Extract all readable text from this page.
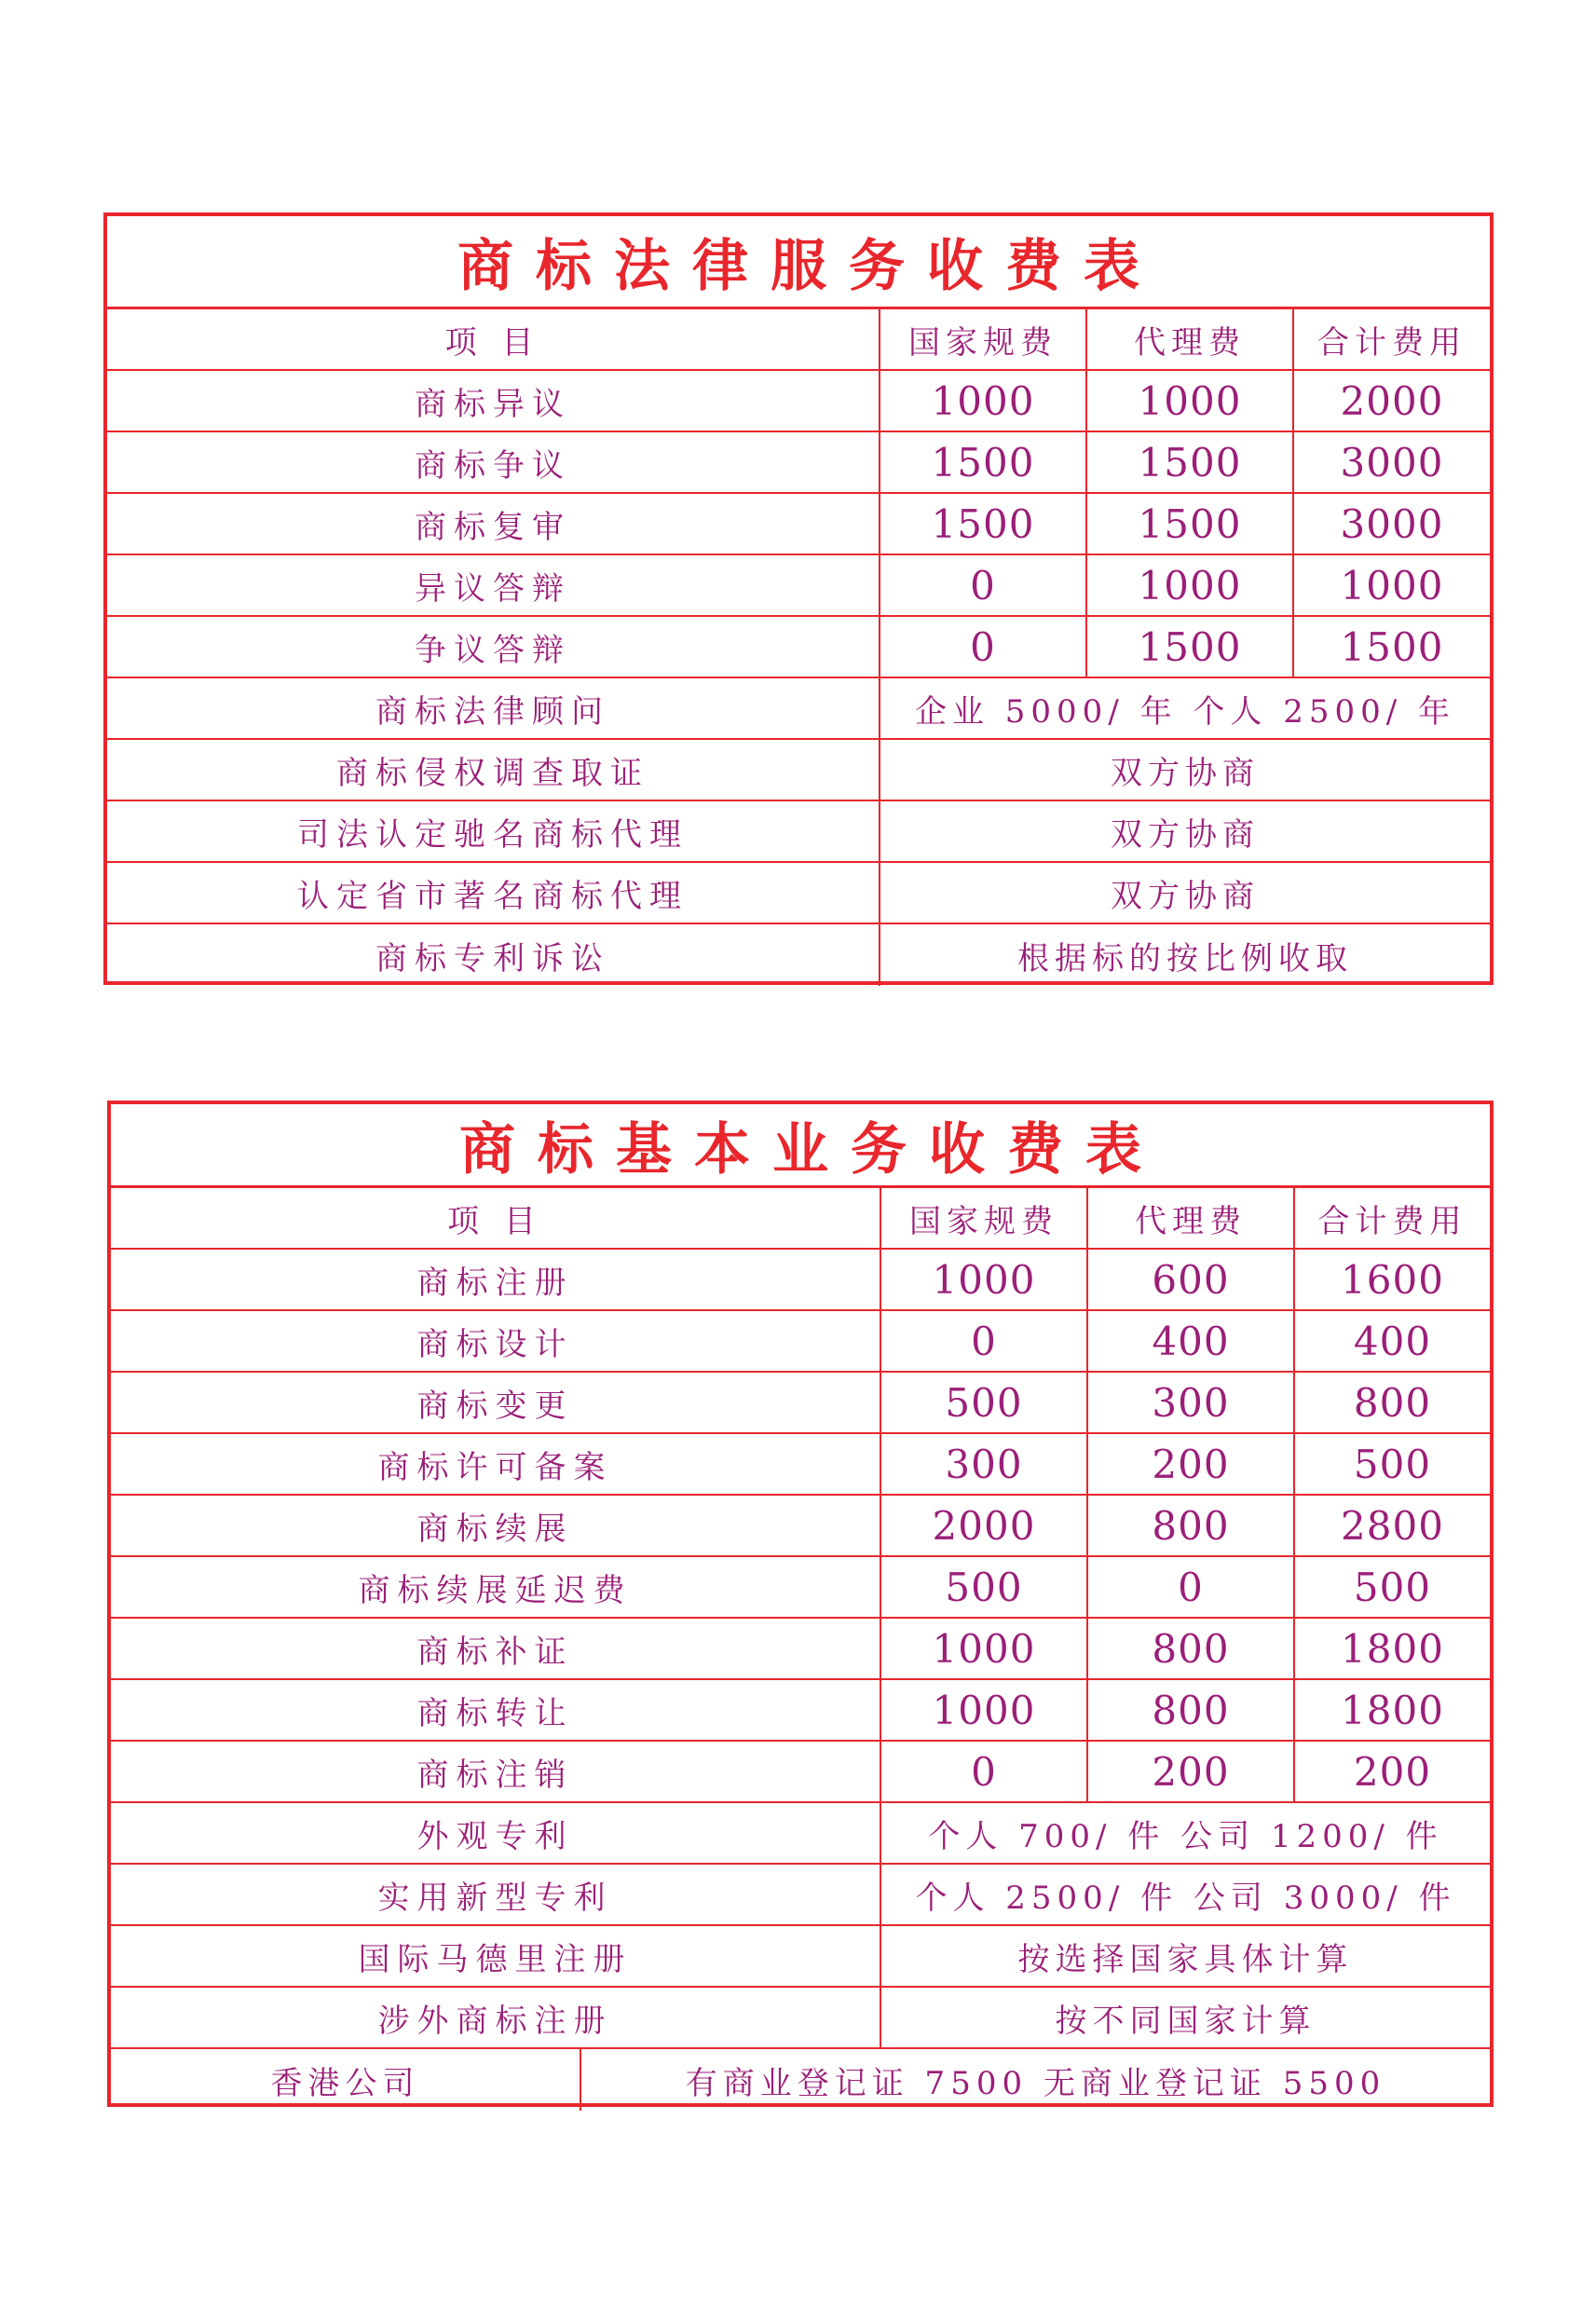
商标法律服务收费表
项 目	国家规费	代理费	合计费用
商标异议	1000	1000	2000
商标争议	1500	1500	3000
商标复审	1500	1500	3000
异议答辩	0	1000	1000
争议答辩	0	1500	1500
商标法律顾问	企业 5000/ 年 个人 2500/ 年
商标侵权调查取证	双方协商
司法认定驰名商标代理	双方协商
认定省市著名商标代理	双方协商
商标专利诉讼	根据标的按比例收取
商标基本业务收费表
项 目	国家规费	代理费	合计费用
商标注册	1000	600	1600
商标设计	0	400	400
商标变更	500	300	800
商标许可备案	300	200	500
商标续展	2000	800	2800
商标续展延迟费	500	0	500
商标补证	1000	800	1800
商标转让	1000	800	1800
商标注销	0	200	200
外观专利	个人 700/ 件 公司 1200/ 件
实用新型专利	个人 2500/ 件 公司 3000/ 件
国际马德里注册	按选择国家具体计算
涉外商标注册	按不同国家计算
香港公司	有商业登记证 7500 无商业登记证 5500
